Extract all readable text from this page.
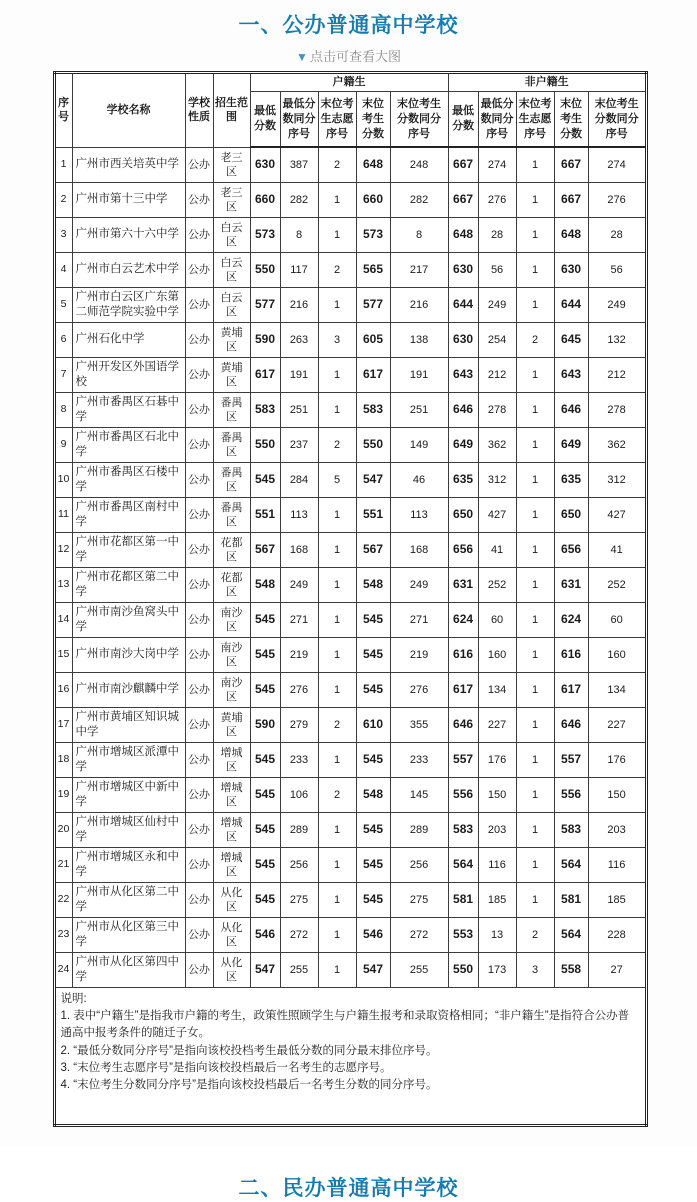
一、公办普通高中学校
▼ 点击可查看大图
序号	学校名称	学校性质	招生范围	户籍生					非户籍生				
				最低分数	最低分数同分序号	末位考生志愿序号	末位考生分数	末位考生分数同分序号	最低分数	最低分数同分序号	末位考生志愿序号	末位考生分数	末位考生分数同分序号
1	广州市西关培英中学	公办	老三区	630	387	2	648	248	667	274	1	667	274
2	广州市第十三中学	公办	老三区	660	282	1	660	282	667	276	1	667	276
3	广州市第六十六中学	公办	白云区	573	8	1	573	8	648	28	1	648	28
4	广州市白云艺术中学	公办	白云区	550	117	2	565	217	630	56	1	630	56
5	广州市白云区广东第二师范学院实验中学	公办	白云区	577	216	1	577	216	644	249	1	644	249
6	广州石化中学	公办	黄埔区	590	263	3	605	138	630	254	2	645	132
7	广州开发区外国语学校	公办	黄埔区	617	191	1	617	191	643	212	1	643	212
8	广州市番禺区石碁中学	公办	番禺区	583	251	1	583	251	646	278	1	646	278
9	广州市番禺区石北中学	公办	番禺区	550	237	2	550	149	649	362	1	649	362
10	广州市番禺区石楼中学	公办	番禺区	545	284	5	547	46	635	312	1	635	312
11	广州市番禺区南村中学	公办	番禺区	551	113	1	551	113	650	427	1	650	427
12	广州市花都区第一中学	公办	花都区	567	168	1	567	168	656	41	1	656	41
13	广州市花都区第二中学	公办	花都区	548	249	1	548	249	631	252	1	631	252
14	广州市南沙鱼窝头中学	公办	南沙区	545	271	1	545	271	624	60	1	624	60
15	广州市南沙大岗中学	公办	南沙区	545	219	1	545	219	616	160	1	616	160
16	广州市南沙麒麟中学	公办	南沙区	545	276	1	545	276	617	134	1	617	134
17	广州市黄埔区知识城中学	公办	黄埔区	590	279	2	610	355	646	227	1	646	227
18	广州市增城区派潭中学	公办	增城区	545	233	1	545	233	557	176	1	557	176
19	广州市增城区中新中学	公办	增城区	545	106	2	548	145	556	150	1	556	150
20	广州市增城区仙村中学	公办	增城区	545	289	1	545	289	583	203	1	583	203
21	广州市增城区永和中学	公办	增城区	545	256	1	545	256	564	116	1	564	116
22	广州市从化区第二中学	公办	从化区	545	275	1	545	275	581	185	1	581	185
23	广州市从化区第三中学	公办	从化区	546	272	1	546	272	553	13	2	564	228
24	广州市从化区第四中学	公办	从化区	547	255	1	547	255	550	173	3	558	27

说明:
1. 表中“户籍生”是指我市户籍的考生，政策性照顾学生与户籍生报考和录取资格相同；“非户籍生”是指符合公办普通高中报考条件的随迁子女。
2. “最低分数同分序号”是指向该校投档考生最低分数的同分最末排位序号。
3. “末位考生志愿序号”是指向该校投档最后一名考生的志愿序号。
4. “末位考生分数同分序号”是指向该校投档最后一名考生分数的同分序号。													
二、民办普通高中学校
